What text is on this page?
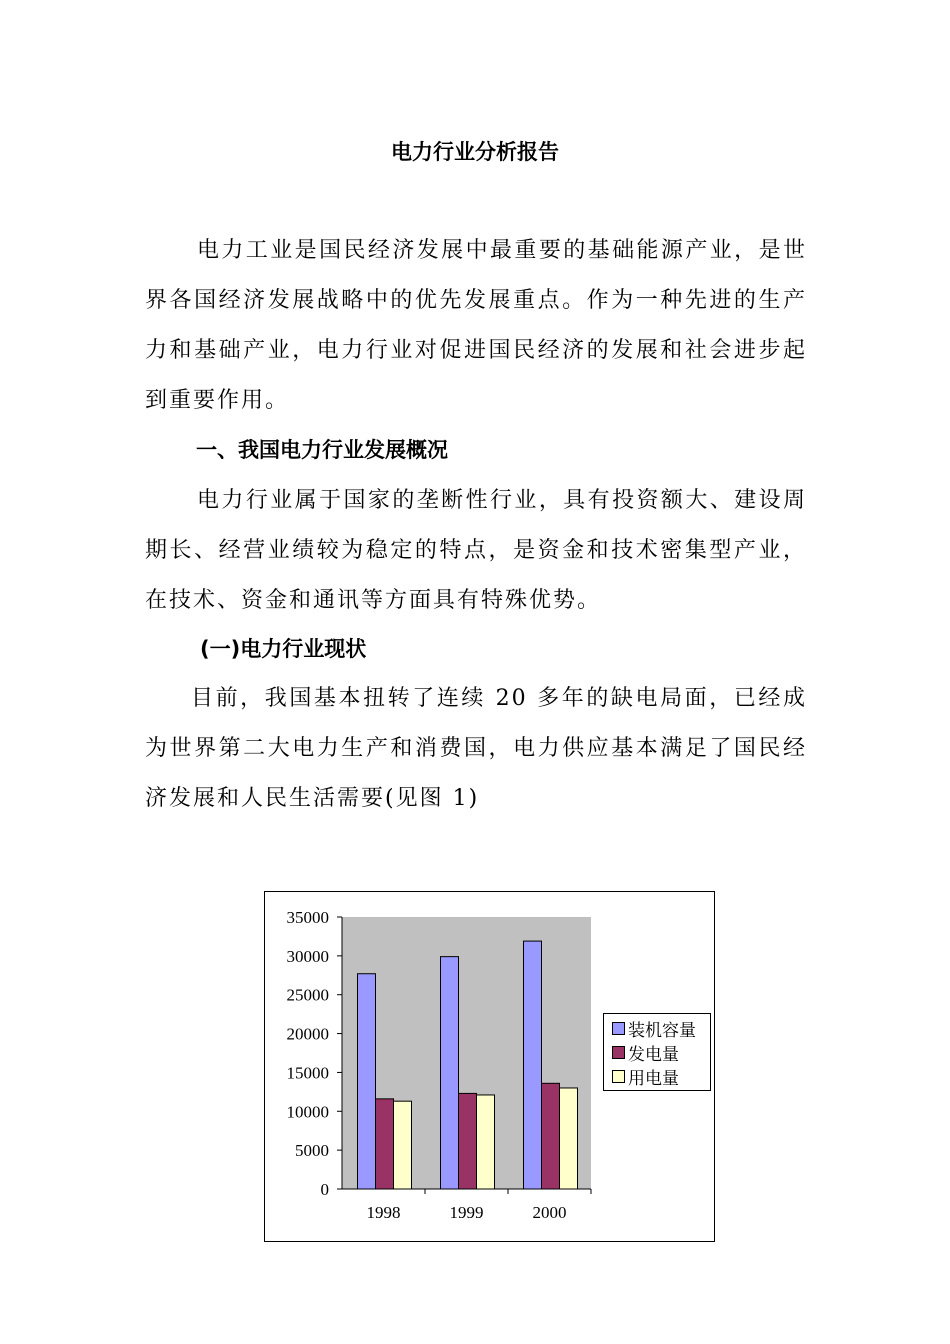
电力行业分析报告
电力工业是国民经济发展中最重要的基础能源产业，是世界各国经济发展战略中的优先发展重点。作为一种先进的生产力和基础产业，电力行业对促进国民经济的发展和社会进步起到重要作用。
一、我国电力行业发展概况
电力行业属于国家的垄断性行业，具有投资额大、建设周期长、经营业绩较为稳定的特点，是资金和技术密集型产业，在技术、资金和通讯等方面具有特殊优势。
(一)电力行业现状
目前，我国基本扭转了连续 20 多年的缺电局面，已经成为世界第二大电力生产和消费国，电力供应基本满足了国民经济发展和人民生活需要(见图 1)
35000
30000
25000
20000
15000
10000
5000
0
1998	1999	2000
装机容量
发电量
用电量
